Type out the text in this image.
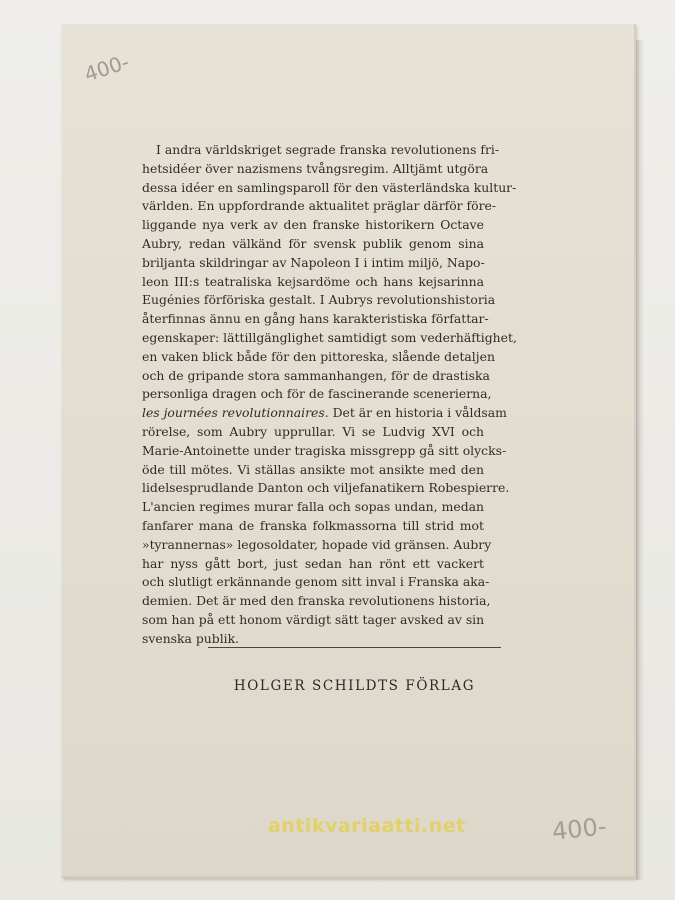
400-
I andra världskriget segrade franska revolutionens fri-
hetsidéer över nazismens tvångsregim. Alltjämt utgöra
dessa idéer en samlingsparoll för den västerländska kultur-
världen. En uppfordrande aktualitet präglar därför före-
liggande nya verk av den franske historikern Octave
Aubry, redan välkänd för svensk publik genom sina
briljanta skildringar av Napoleon I i intim miljö, Napo-
leon III:s teatraliska kejsardöme och hans kejsarinna
Eugénies förföriska gestalt. I Aubrys revolutionshistoria
återfinnas ännu en gång hans karakteristiska författar-
egenskaper: lättillgänglighet samtidigt som vederhäftighet,
en vaken blick både för den pittoreska, slående detaljen
och de gripande stora sammanhangen, för de drastiska
personliga dragen och för de fascinerande scenerierna,
les journées revolutionnaires. Det är en historia i våldsam
rörelse, som Aubry upprullar. Vi se Ludvig XVI och
Marie-Antoinette under tragiska missgrepp gå sitt olycks-
öde till mötes. Vi ställas ansikte mot ansikte med den
lidelsesprudlande Danton och viljefanatikern Robespierre.
L'ancien regimes murar falla och sopas undan, medan
fanfarer mana de franska folkmassorna till strid mot
»tyrannernas» legosoldater, hopade vid gränsen. Aubry
har nyss gått bort, just sedan han rönt ett vackert
och slutligt erkännande genom sitt inval i Franska aka-
demien. Det är med den franska revolutionens historia,
som han på ett honom värdigt sätt tager avsked av sin
svenska publik.
HOLGER SCHILDTS FÖRLAG
antikvariaatti.net	400-
